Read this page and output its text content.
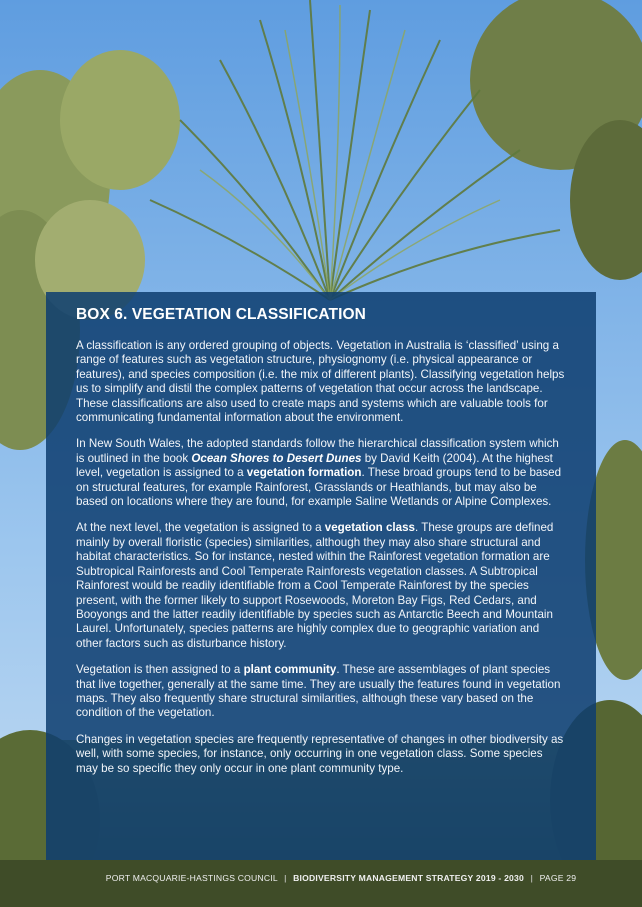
BOX 6. VEGETATION CLASSIFICATION

A classification is any ordered grouping of objects. Vegetation in Australia is ‘classified’ using a range of features such as vegetation structure, physiognomy (i.e. physical appearance or features), and species composition (i.e. the mix of different plants). Classifying vegetation helps us to simplify and distil the complex patterns of vegetation that occur across the landscape. These classifications are also used to create maps and systems which are valuable tools for communicating fundamental information about the environment.

In New South Wales, the adopted standards follow the hierarchical classification system which is outlined in the book Ocean Shores to Desert Dunes by David Keith (2004). At the highest level, vegetation is assigned to a vegetation formation. These broad groups tend to be based on structural features, for example Rainforest, Grasslands or Heathlands, but may also be based on locations where they are found, for example Saline Wetlands or Alpine Complexes.

At the next level, the vegetation is assigned to a vegetation class. These groups are defined mainly by overall floristic (species) similarities, although they may also share structural and habitat characteristics. So for instance, nested within the Rainforest vegetation formation are Subtropical Rainforests and Cool Temperate Rainforests vegetation classes. A Subtropical Rainforest would be readily identifiable from a Cool Temperate Rainforest by the species present, with the former likely to support Rosewoods, Moreton Bay Figs, Red Cedars, and Booyongs and the latter readily identifiable by species such as Antarctic Beech and Mountain Laurel. Unfortunately, species patterns are highly complex due to geographic variation and other factors such as disturbance history.

Vegetation is then assigned to a plant community. These are assemblages of plant species that live together, generally at the same time. They are usually the features found in vegetation maps. They also frequently share structural similarities, although these vary based on the condition of the vegetation.

Changes in vegetation species are frequently representative of changes in other biodiversity as well, with some species, for instance, only occurring in one vegetation class. Some species may be so specific they only occur in one plant community type.

PORT MACQUARIE-HASTINGS COUNCIL | BIODIVERSITY MANAGEMENT STRATEGY 2019 - 2030 | PAGE 29
